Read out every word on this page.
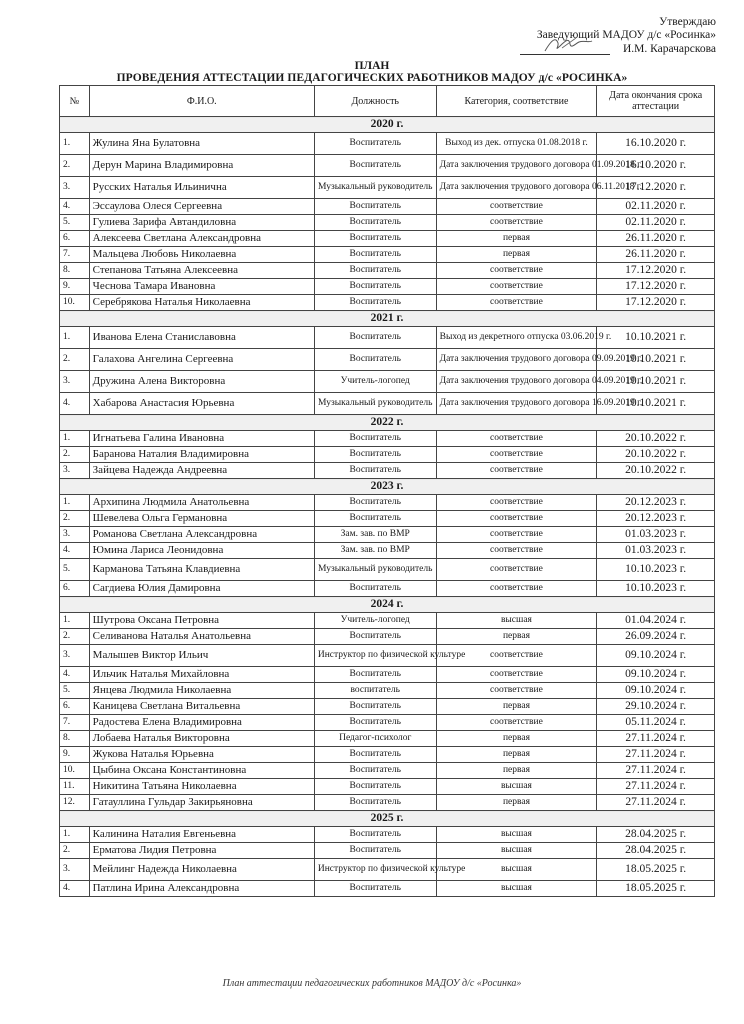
Утверждаю
Заведующий МАДОУ д/с «Росинка»
И.М. Карачарскова
ПЛАН
ПРОВЕДЕНИЯ АТТЕСТАЦИИ ПЕДАГОГИЧЕСКИХ РАБОТНИКОВ МАДОУ д/с «РОСИНКА»
№	Ф.И.О.	Должность	Категория, соответствие	Дата окончания срока аттестации
2020 г.				
1.	Жулина Яна Булатовна	Воспитатель	Выход из дек. отпуска 01.08.2018 г.	16.10.2020 г.
2.	Дерун Марина Владимировна	Воспитатель	Дата заключения трудового договора 01.09.2018 г.	16.10.2020 г.
3.	Русских Наталья Ильинична	Музыкальный руководитель	Дата заключения трудового договора 06.11.2018 г.	17.12.2020 г.
4.	Эссаулова Олеся Сергеевна	Воспитатель	соответствие	02.11.2020 г.
5.	Гулиева Зарифа Автандиловна	Воспитатель	соответствие	02.11.2020 г.
6.	Алексеева Светлана Александровна	Воспитатель	первая	26.11.2020 г.
7.	Мальцева Любовь Николаевна	Воспитатель	первая	26.11.2020 г.
8.	Степанова Татьяна Алексеевна	Воспитатель	соответствие	17.12.2020 г.
9.	Чеснова Тамара Ивановна	Воспитатель	соответствие	17.12.2020 г.
10.	Серебрякова Наталья Николаевна	Воспитатель	соответствие	17.12.2020 г.
2021 г.				
1.	Иванова Елена Станиславовна	Воспитатель	Выход из декретного отпуска 03.06.2019 г.	10.10.2021 г.
2.	Галахова Ангелина Сергеевна	Воспитатель	Дата заключения трудового договора 09.09.2019 г.	10.10.2021 г.
3.	Дружина Алена Викторовна	Учитель-логопед	Дата заключения трудового договора 04.09.2019 г.	10.10.2021 г.
4.	Хабарова Анастасия Юрьевна	Музыкальный руководитель	Дата заключения трудового договора 16.09.2019 г.	10.10.2021 г.
2022 г.				
1.	Игнатьева Галина Ивановна	Воспитатель	соответствие	20.10.2022 г.
2.	Баранова Наталия Владимировна	Воспитатель	соответствие	20.10.2022 г.
3.	Зайцева Надежда Андреевна	Воспитатель	соответствие	20.10.2022 г.
2023 г.				
1.	Архипина Людмила Анатольевна	Воспитатель	соответствие	20.12.2023 г.
2.	Шевелева Ольга Германовна	Воспитатель	соответствие	20.12.2023 г.
3.	Романова Светлана Александровна	Зам. зав. по ВМР	соответствие	01.03.2023 г.
4.	Юмина Лариса Леонидовна	Зам. зав. по ВМР	соответствие	01.03.2023 г.
5.	Карманова Татьяна Клавдиевна	Музыкальный руководитель	соответствие	10.10.2023 г.
6.	Сагдиева Юлия Дамировна	Воспитатель	соответствие	10.10.2023 г.
2024 г.				
1.	Шутрова Оксана Петровна	Учитель-логопед	высшая	01.04.2024 г.
2.	Селиванова Наталья Анатольевна	Воспитатель	первая	26.09.2024 г.
3.	Малышев Виктор Ильич	Инструктор по физической культуре	соответствие	09.10.2024 г.
4.	Ильчик Наталья Михайловна	Воспитатель	соответствие	09.10.2024 г.
5.	Янцева Людмила Николаевна	воспитатель	соответствие	09.10.2024 г.
6.	Каницева Светлана Витальевна	Воспитатель	первая	29.10.2024 г.
7.	Радостева Елена Владимировна	Воспитатель	соответствие	05.11.2024 г.
8.	Лобаева Наталья Викторовна	Педагог-психолог	первая	27.11.2024 г.
9.	Жукова Наталья Юрьевна	Воспитатель	первая	27.11.2024 г.
10.	Цыбина Оксана Константиновна	Воспитатель	первая	27.11.2024 г.
11.	Никитина Татьяна Николаевна	Воспитатель	высшая	27.11.2024 г.
12.	Гатауллина Гульдар Закирьяновна	Воспитатель	первая	27.11.2024 г.
2025 г.				
1.	Калинина Наталия Евгеньевна	Воспитатель	высшая	28.04.2025 г.
2.	Ерматова Лидия Петровна	Воспитатель	высшая	28.04.2025 г.
3.	Мейлинг Надежда Николаевна	Инструктор по физической культуре	высшая	18.05.2025 г.
4.	Патлина Ирина Александровна	Воспитатель	высшая	18.05.2025 г.
План аттестации педагогических работников МАДОУ д/с «Росинка»
